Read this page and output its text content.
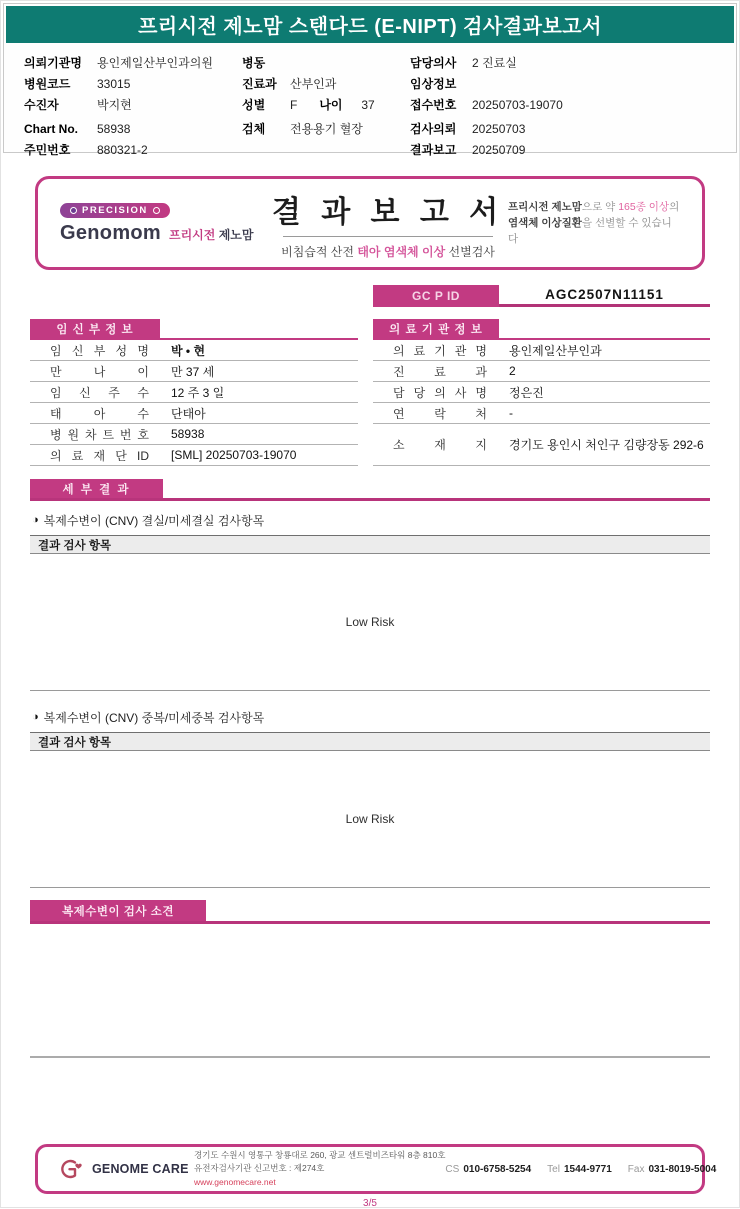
프리시전 제노맘 스탠다드 (E-NIPT) 검사결과보고서
의뢰기관명	용인제일산부인과의원
병원코드	33015
수진자	박지현
Chart No.	58938
주민번호	880321-2
병동
진료과	산부인과
성별	F 나이	37
검체	전용용기 혈장
담당의사	2 진료실
임상정보
접수번호	20250703-19070
검사의뢰	20250703
결과보고	20250709
PRECISION
Genomom 프리시전 제노맘
결 과 보 고 서
비침습적 산전 태아 염색체 이상 선별검사
프리시전 제노맘으로 약 165종 이상의
염색체 이상질환을 선별할 수 있습니다
GC P ID	AGC2507N11151
임 신 부 정 보
임 신 부 성 명	박 • 현
만 나 이	만 37 세
임 신 주 수	12 주 3 일
태 아 수	단태아
병 원 차 트 번 호	58938
의 료 재 단 ID	[SML] 20250703-19070
의 료 기 관 정 보
의 료 기 관 명	용인제일산부인과
진 료 과	2
담 당 의 사 명	정은진
연 락 처	-
소 재 지	경기도 용인시 처인구 김량장동 292-6
세 부 결 과
◑ 복제수변이 (CNV) 결실/미세결실 검사항목
결과 검사 항목
Low Risk
◑ 복제수변이 (CNV) 중복/미세중복 검사항목
결과 검사 항목
Low Risk
복제수변이 검사 소견
GENOME CARE
경기도 수원시 영통구 창룡대로 260, 광교 센트럴비즈타워 8층 810호
유전자검사기관 신고번호 : 제274호
www.genomecare.net
CS 010-6758-5254 Tel 1544-9771 Fax 031-8019-5004
3/5
